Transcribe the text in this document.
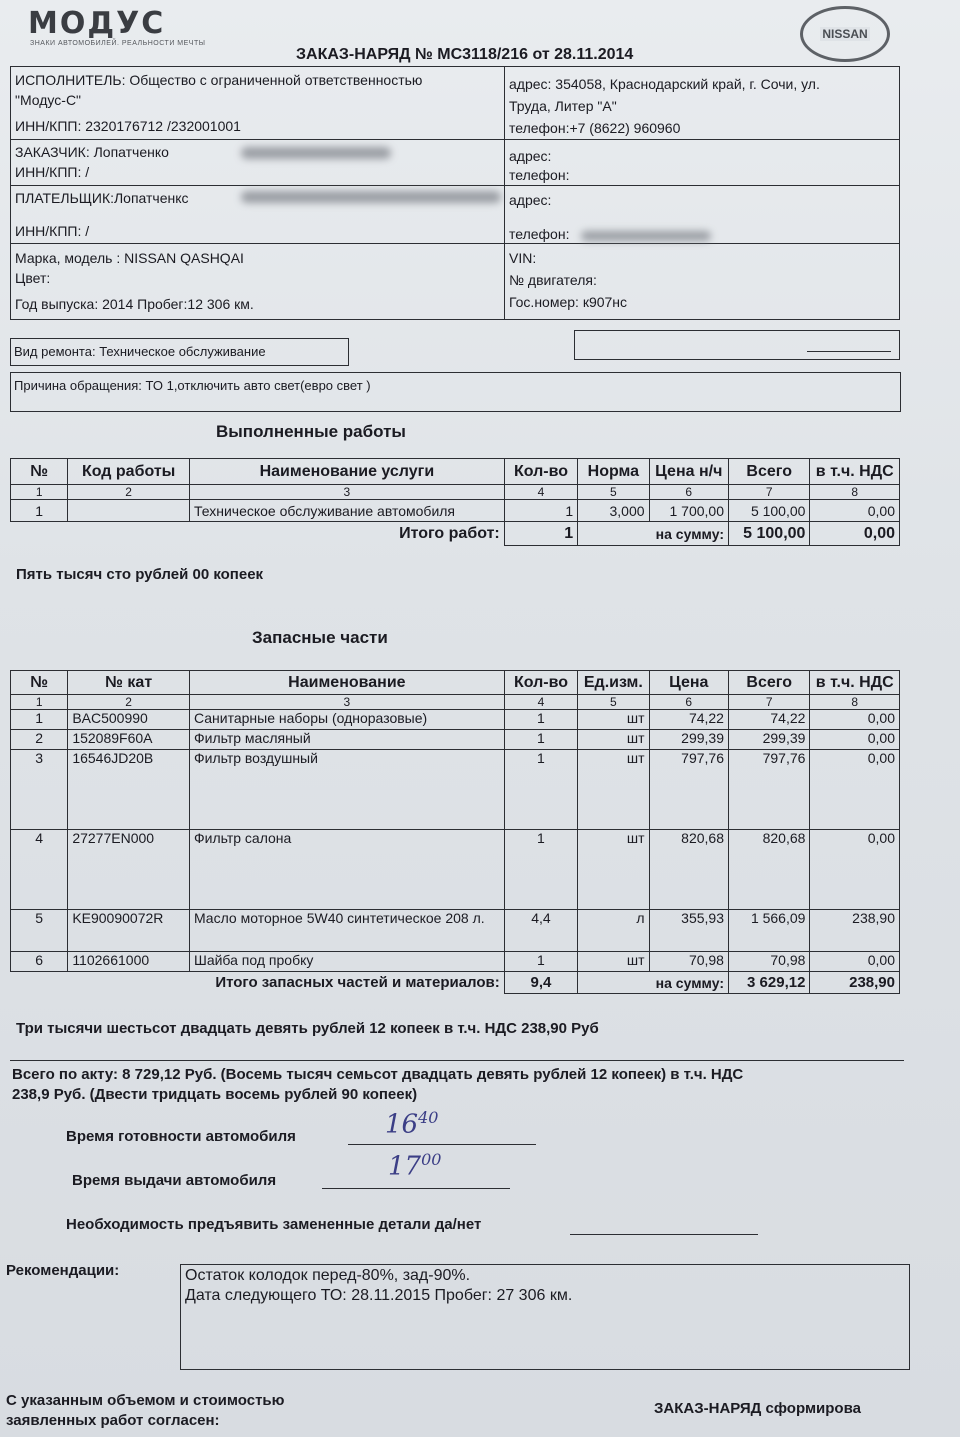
МОДУС
ЗНАКИ АВТОМОБИЛЕЙ. РЕАЛЬНОСТИ МЕЧТЫ
NISSAN
ЗАКАЗ-НАРЯД № МС3118/216 от 28.11.2014
ИСПОЛНИТЕЛЬ: Общество с ограниченной ответственностью
"Модус-С"
ИНН/КПП: 2320176712 /232001001
адрес: 354058, Краснодарский край, г. Сочи, ул.
Труда, Литер "А"
телефон:+7 (8622) 960960
ЗАКАЗЧИК: Лопатченко
ИНН/КПП: /
адрес:
телефон:
ПЛАТЕЛЬЩИК:Лопатченкс
ИНН/КПП: /
адрес:
телефон:
Марка, модель : NISSAN QASHQAI
Цвет:
Год выпуска: 2014 Пробег:12 306 км.
VIN:
№ двигателя:
Гос.номер: к907нс
Вид ремонта: Техническое обслуживание
Причина обращения: ТО 1,отключить авто свет(евро свет )
Выполненные работы
№	Код работы	Наименование услуги	Кол-во	Норма	Цена н/ч	Всего	в т.ч. НДС
1	2	3	4	5	6	7	8
1		Техническое обслуживание автомобиля	1	3,000	1 700,00	5 100,00	0,00
Итого работ:			1	на сумму:		5 100,00	0,00
Пять тысяч сто рублей 00 копеек
Запасные части
№	№ кат	Наименование	Кол-во	Ед.изм.	Цена	Всего	в т.ч. НДС
1	2	3	4	5	6	7	8
1	BAC500990	Санитарные наборы (одноразовые)	1	шт	74,22	74,22	0,00
2	152089F60A	Фильтр масляный	1	шт	299,39	299,39	0,00
3	16546JD20B	Фильтр воздушный	1	шт	797,76	797,76	0,00
4	27277EN000	Фильтр салона	1	шт	820,68	820,68	0,00
5	KE90090072R	Масло моторное 5W40 синтетическое 208 л.	4,4	л	355,93	1 566,09	238,90
6	1102661000	Шайба под пробку	1	шт	70,98	70,98	0,00
Итого запасных частей и материалов:			9,4	на сумму:		3 629,12	238,90
Три тысячи шестьсот двадцать девять рублей 12 копеек в т.ч. НДС 238,90 Руб
Всего по акту: 8 729,12 Руб. (Восемь тысяч семьсот двадцать девять рублей 12 копеек) в т.ч. НДС
238,9 Руб. (Двести тридцать восемь рублей 90 копеек)
Время готовности автомобиля	$16^{40}$
Время выдачи автомобиля	$17^{00}$
Необходимость предъявить замененные детали да/нет
Рекомендации:	Остаток колодок перед-80%, зад-90%.
Дата следующего ТО: 28.11.2015 Пробег: 27 306 км.
С указанным объемом и стоимостью
заявленных работ согласен:
ЗАКАЗ-НАРЯД сформирова
